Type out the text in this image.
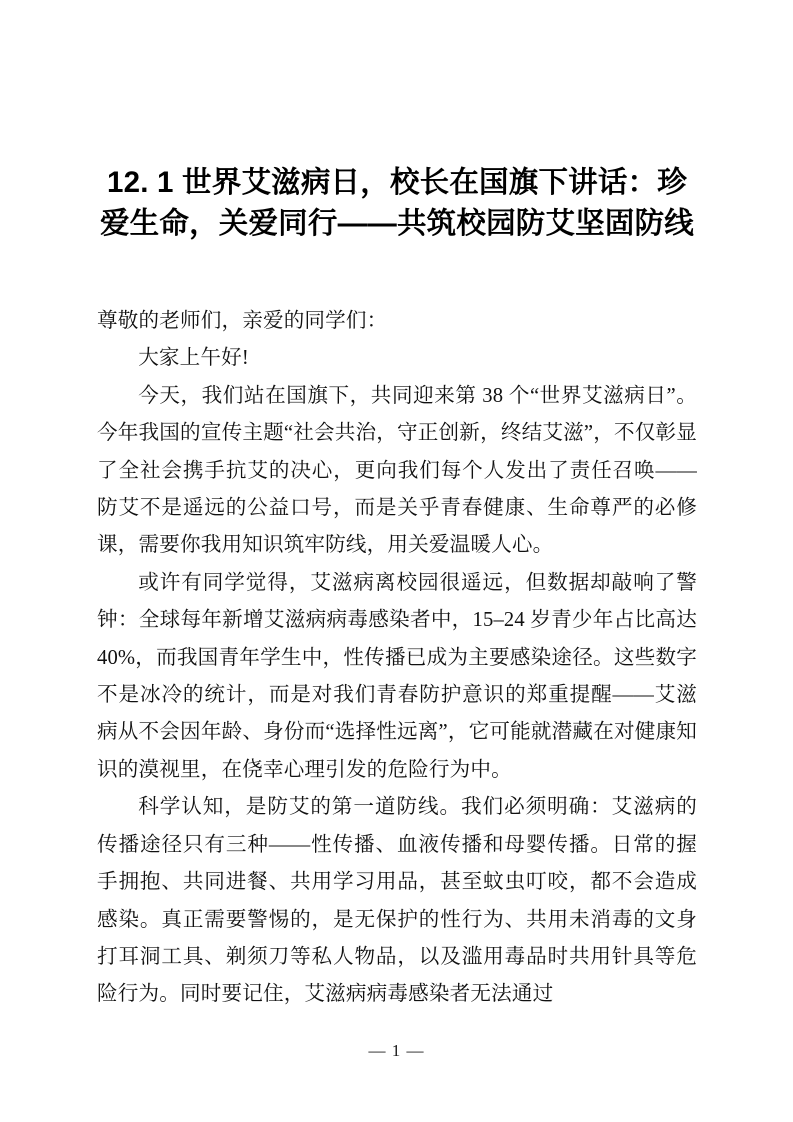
12. 1 世界艾滋病日，校长在国旗下讲话：珍爱生命，关爱同行——共筑校园防艾坚固防线

尊敬的老师们，亲爱的同学们：

大家上午好!

今天，我们站在国旗下，共同迎来第 38 个“世界艾滋病日”。今年我国的宣传主题“社会共治，守正创新，终结艾滋”，不仅彰显了全社会携手抗艾的决心，更向我们每个人发出了责任召唤——防艾不是遥远的公益口号，而是关乎青春健康、生命尊严的必修课，需要你我用知识筑牢防线，用关爱温暖人心。

或许有同学觉得，艾滋病离校园很遥远，但数据却敲响了警钟：全球每年新增艾滋病病毒感染者中，15–24 岁青少年占比高达 40%，而我国青年学生中，性传播已成为主要感染途径。这些数字不是冰冷的统计，而是对我们青春防护意识的郑重提醒——艾滋病从不会因年龄、身份而“选择性远离”，它可能就潜藏在对健康知识的漠视里，在侥幸心理引发的危险行为中。

科学认知，是防艾的第一道防线。我们必须明确：艾滋病的传播途径只有三种——性传播、血液传播和母婴传播。日常的握手拥抱、共同进餐、共用学习用品，甚至蚊虫叮咬，都不会造成感染。真正需要警惕的，是无保护的性行为、共用未消毒的文身打耳洞工具、剃须刀等私人物品，以及滥用毒品时共用针具等危险行为。同时要记住，艾滋病病毒感染者无法通过

— 1 —
